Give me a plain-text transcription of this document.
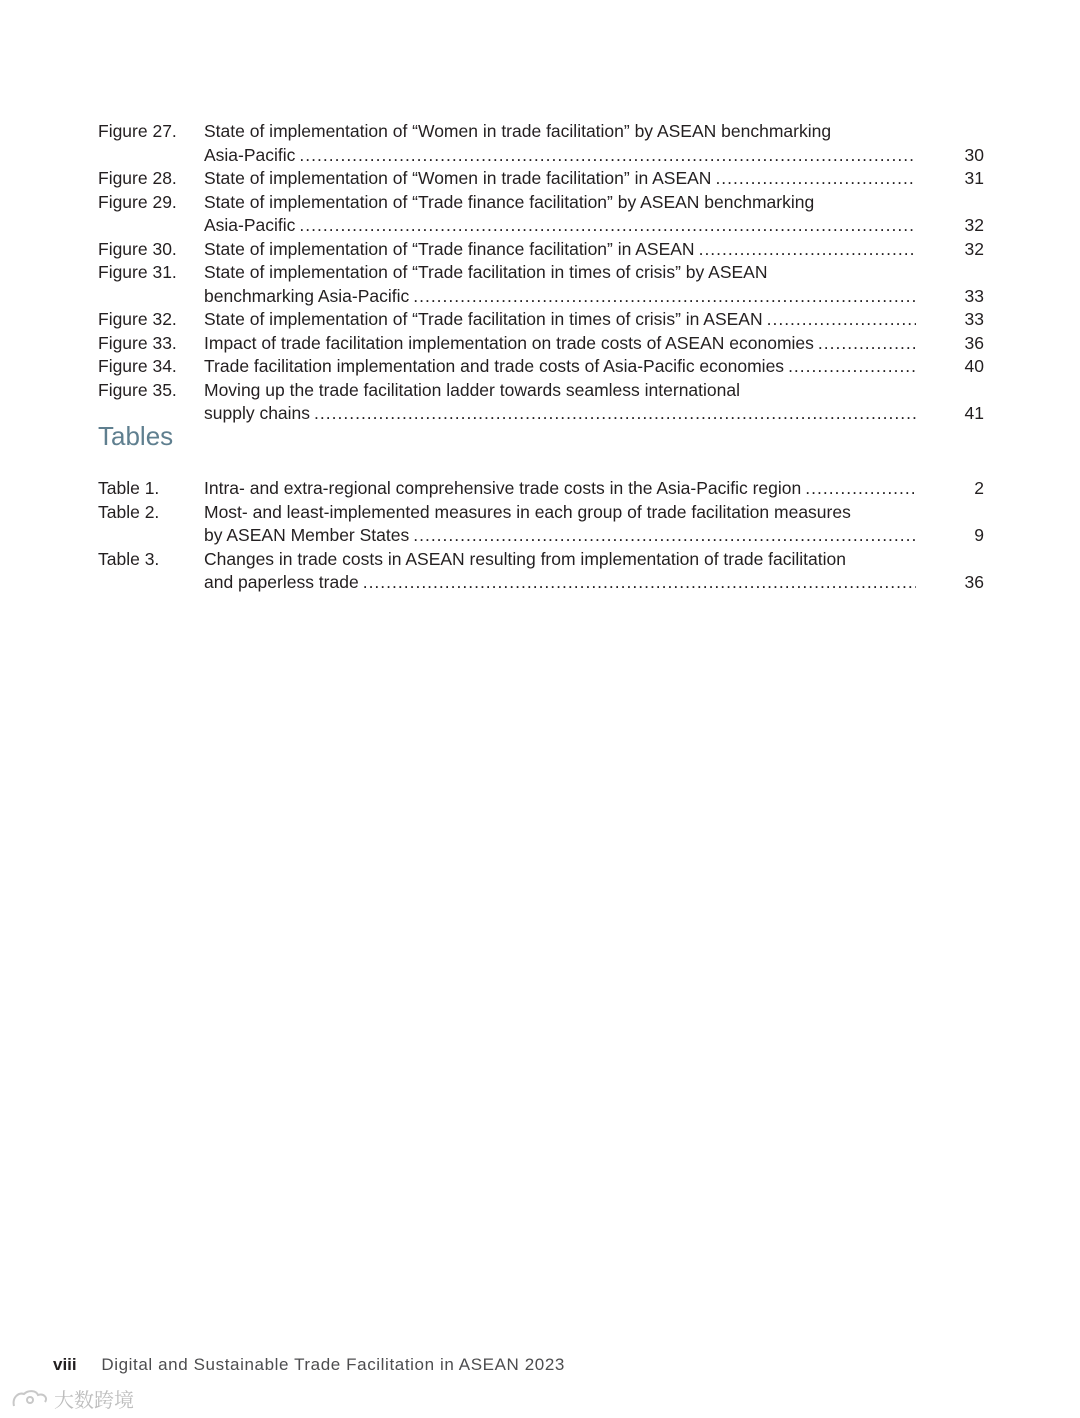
Figure 27. State of implementation of “Women in trade facilitation” by ASEAN benchmarking
Asia-Pacific .....	30
Figure 28. State of implementation of “Women in trade facilitation” in ASEAN .....	31
Figure 29. State of implementation of “Trade finance facilitation” by ASEAN benchmarking
Asia-Pacific .....	32
Figure 30. State of implementation of “Trade finance facilitation” in ASEAN .....	32
Figure 31. State of implementation of “Trade facilitation in times of crisis” by ASEAN
benchmarking Asia-Pacific .....	33
Figure 32. State of implementation of “Trade facilitation in times of crisis” in ASEAN .....	33
Figure 33. Impact of trade facilitation implementation on trade costs of ASEAN economies .....	36
Figure 34. Trade facilitation implementation and trade costs of Asia-Pacific economies .....	40
Figure 35. Moving up the trade facilitation ladder towards seamless international
supply chains .....	41
Tables
Table 1.	Intra- and extra-regional comprehensive trade costs in the Asia-Pacific region .....	2
Table 2.	Most- and least-implemented measures in each group of trade facilitation measures
by ASEAN Member States .....	9
Table 3.	Changes in trade costs in ASEAN resulting from implementation of trade facilitation
and paperless trade .....	36
viii Digital and Sustainable Trade Facilitation in ASEAN 2023
大数跨境
